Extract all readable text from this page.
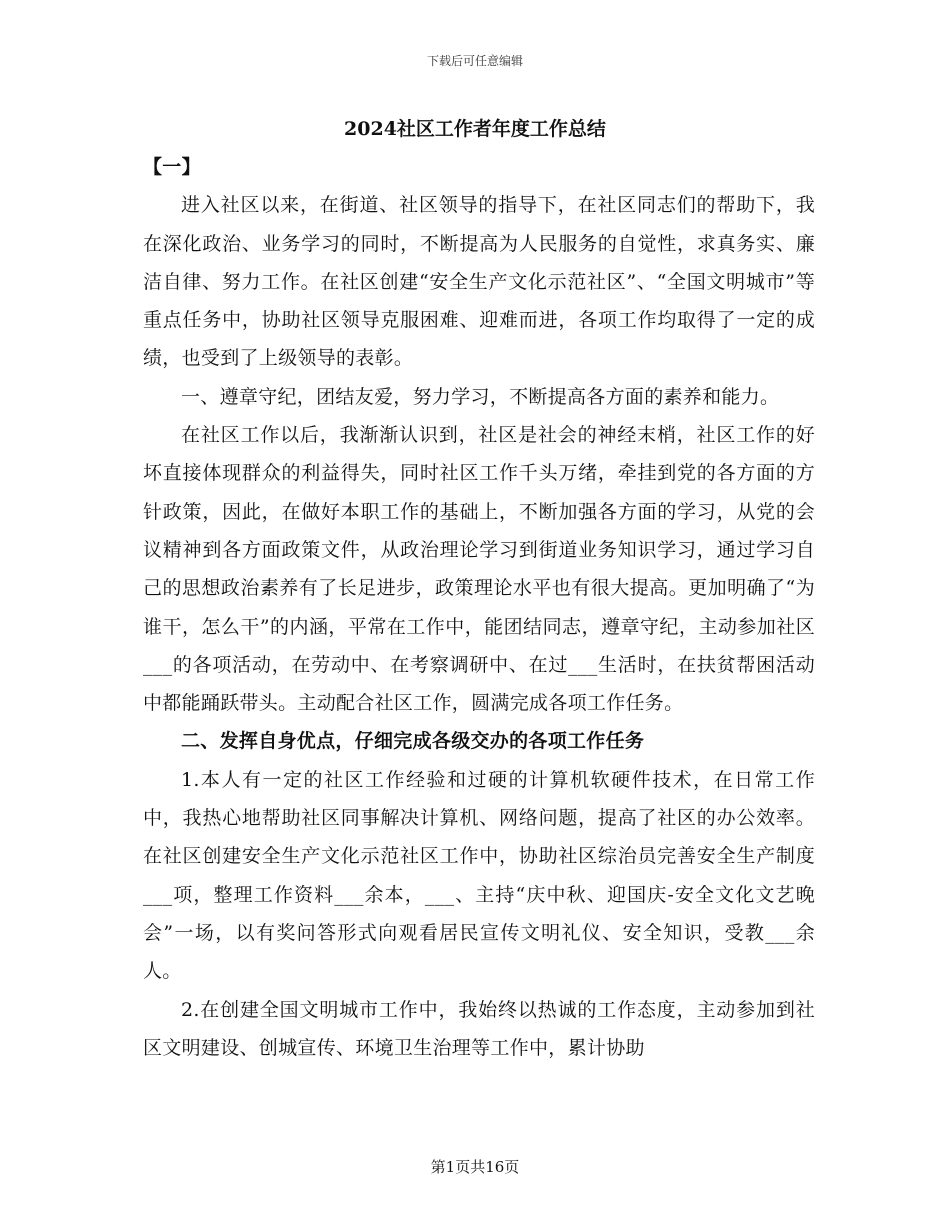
下载后可任意编辑
2024社区工作者年度工作总结

【一】

进入社区以来，在街道、社区领导的指导下，在社区同志们的帮助下，我在深化政治、业务学习的同时，不断提高为人民服务的自觉性，求真务实、廉洁自律、努力工作。在社区创建“安全生产文化示范社区”、“全国文明城市”等重点任务中，协助社区领导克服困难、迎难而进，各项工作均取得了一定的成绩，也受到了上级领导的表彰。

一、遵章守纪，团结友爱，努力学习，不断提高各方面的素养和能力。

在社区工作以后，我渐渐认识到，社区是社会的神经末梢，社区工作的好坏直接体现群众的利益得失，同时社区工作千头万绪，牵挂到党的各方面的方针政策，因此，在做好本职工作的基础上，不断加强各方面的学习，从党的会议精神到各方面政策文件，从政治理论学习到街道业务知识学习，通过学习自己的思想政治素养有了长足进步，政策理论水平也有很大提高。更加明确了“为谁干，怎么干”的内涵，平常在工作中，能团结同志，遵章守纪，主动参加社区___的各项活动，在劳动中、在考察调研中、在过___生活时，在扶贫帮困活动中都能踊跃带头。主动配合社区工作，圆满完成各项工作任务。

二、发挥自身优点，仔细完成各级交办的各项工作任务

1.本人有一定的社区工作经验和过硬的计算机软硬件技术，在日常工作中，我热心地帮助社区同事解决计算机、网络问题，提高了社区的办公效率。在社区创建安全生产文化示范社区工作中，协助社区综治员完善安全生产制度___项，整理工作资料___余本，___、主持“庆中秋、迎国庆-安全文化文艺晚会”一场，以有奖问答形式向观看居民宣传文明礼仪、安全知识，受教___余人。

2.在创建全国文明城市工作中，我始终以热诚的工作态度，主动参加到社区文明建设、创城宣传、环境卫生治理等工作中，累计协助

第1页共16页
